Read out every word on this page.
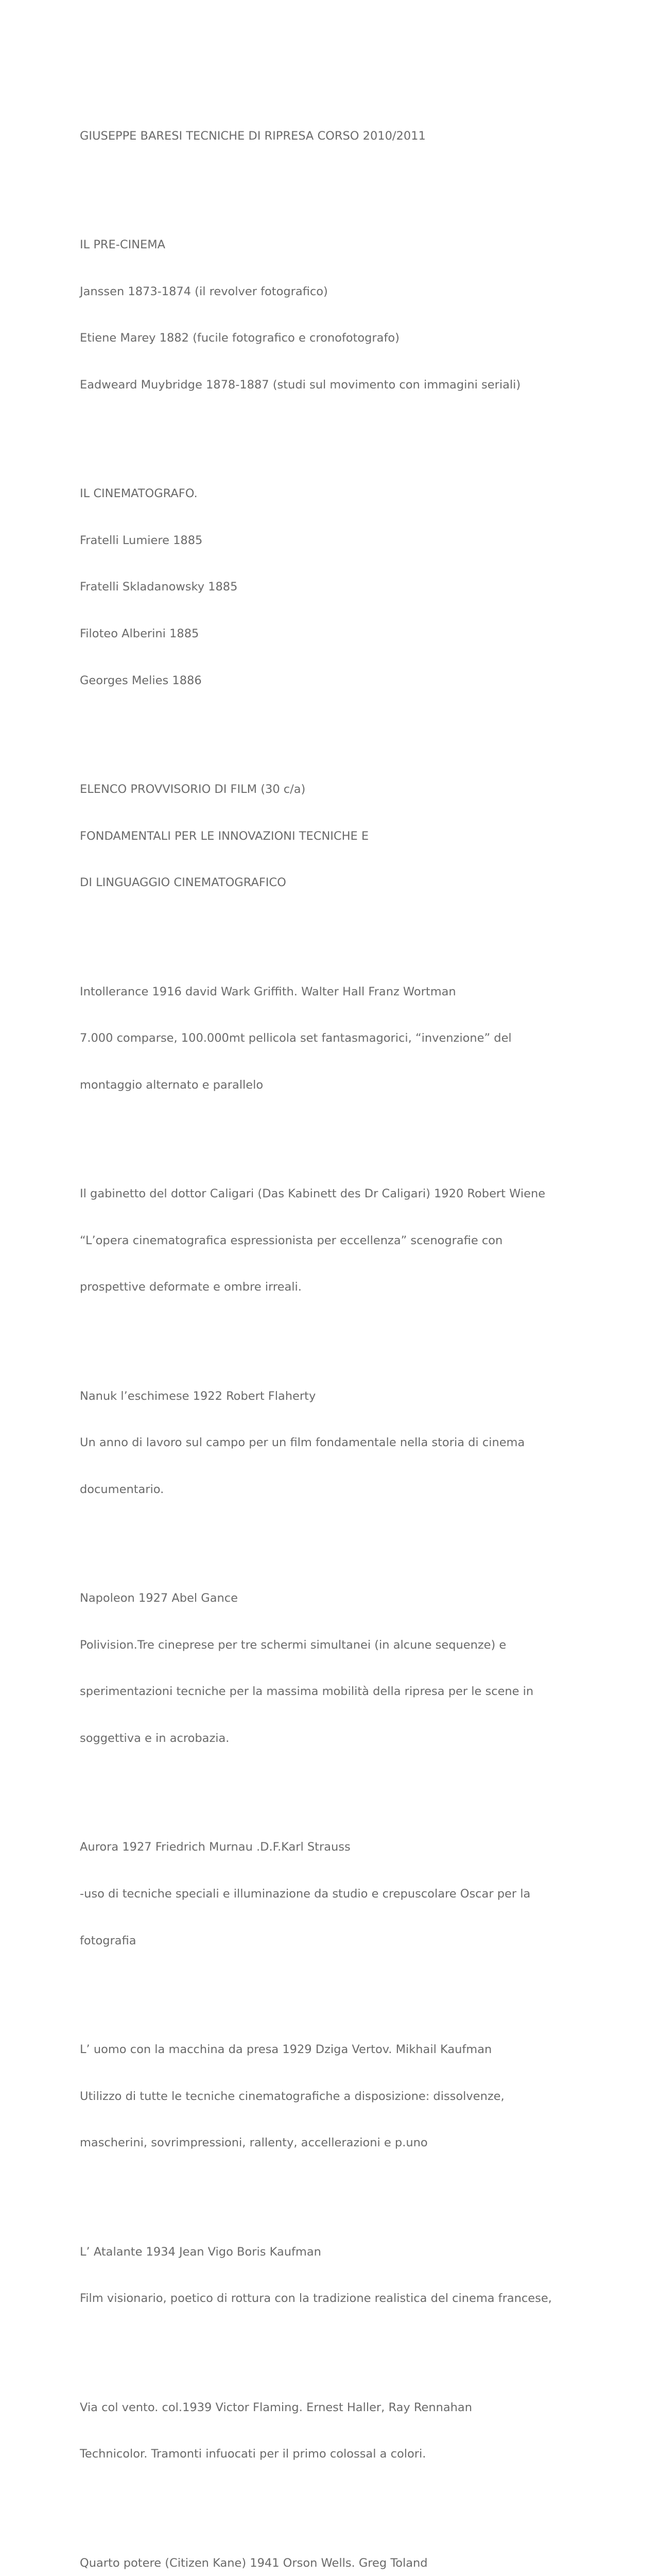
GIUSEPPE BARESI TECNICHE DI RIPRESA CORSO 2010/2011

IL PRE-CINEMA

Janssen 1873-1874 (il revolver fotografico)

Etiene Marey 1882 (fucile fotografico e cronofotografo)

Eadweard Muybridge 1878-1887 (studi sul movimento con immagini seriali)

IL CINEMATOGRAFO.

Fratelli Lumiere 1885

Fratelli Skladanowsky 1885

Filoteo Alberini 1885

Georges Melies 1886

ELENCO PROVVISORIO DI FILM (30 c/a)

FONDAMENTALI PER LE INNOVAZIONI TECNICHE E

DI LINGUAGGIO CINEMATOGRAFICO

Intollerance 1916 david Wark Griffith. Walter Hall Franz Wortman

7.000 comparse, 100.000mt pellicola set fantasmagorici, “invenzione” del

montaggio alternato e parallelo

Il gabinetto del dottor Caligari (Das Kabinett des Dr Caligari) 1920 Robert Wiene

“L’opera cinematografica espressionista per eccellenza” scenografie con

prospettive deformate e ombre irreali.

Nanuk l’eschimese 1922 Robert Flaherty

Un anno di lavoro sul campo per un film fondamentale nella storia di cinema

documentario.

Napoleon 1927 Abel Gance

Polivision.Tre cineprese per tre schermi simultanei (in alcune sequenze) e

sperimentazioni tecniche per la massima mobilità della ripresa per le scene in

soggettiva e in acrobazia.

Aurora 1927 Friedrich Murnau .D.F.Karl Strauss

-uso di tecniche speciali e illuminazione da studio e crepuscolare Oscar per la

fotografia

L’ uomo con la macchina da presa 1929 Dziga Vertov. Mikhail Kaufman

Utilizzo di tutte le tecniche cinematografiche a disposizione: dissolvenze,

mascherini, sovrimpressioni, rallenty, accellerazioni e p.uno

L’ Atalante 1934 Jean Vigo Boris Kaufman

Film visionario, poetico di rottura con la tradizione realistica del cinema francese,

Via col vento. col.1939 Victor Flaming. Ernest Haller, Ray Rennahan

Technicolor. Tramonti infuocati per il primo colossal a colori.

Quarto potere (Citizen Kane) 1941 Orson Wells. Greg Toland
